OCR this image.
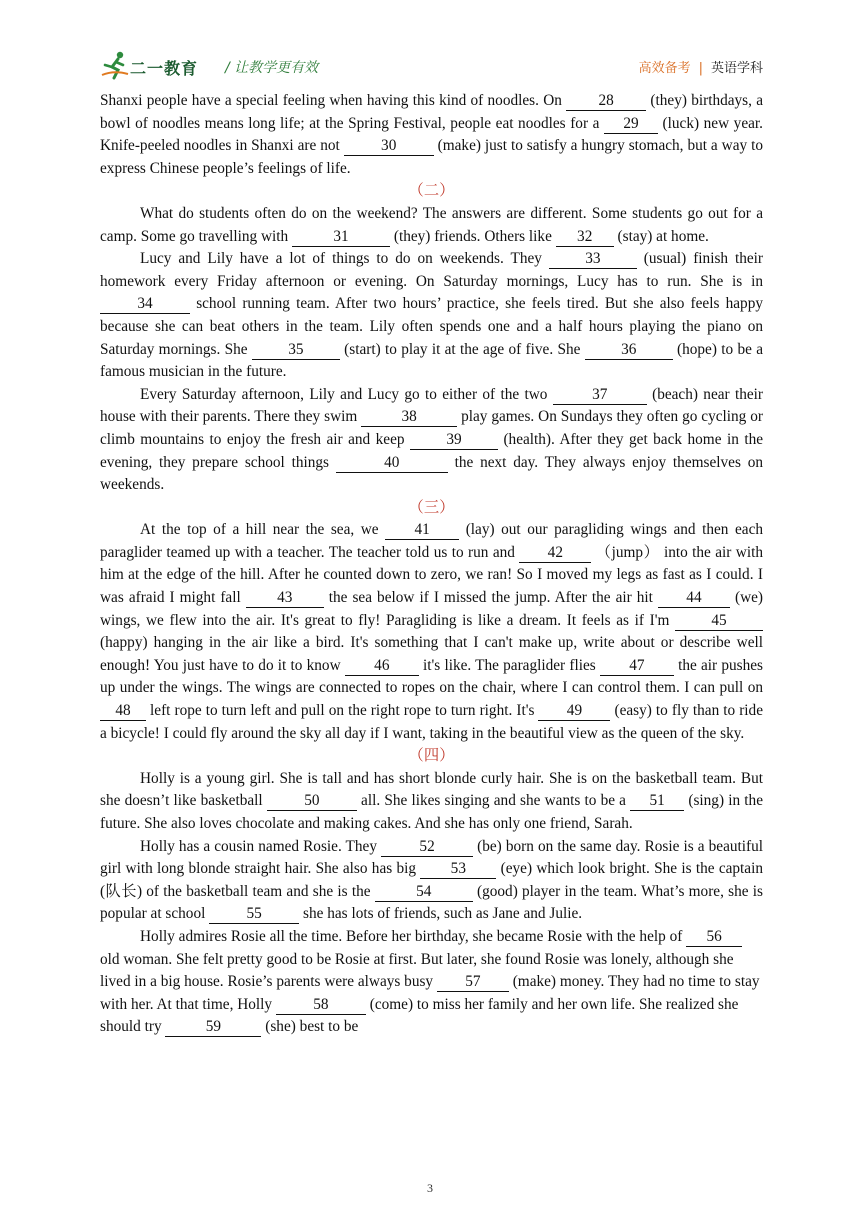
二一教育 / 让教学更有效	高效备考 | 英语学科

Shanxi people have a special feeling when having this kind of noodles. On 28 (they) birthdays, a bowl of noodles means long life; at the Spring Festival, people eat noodles for a 29 (luck) new year. Knife-peeled noodles in Shanxi are not 30 (make) just to satisfy a hungry stomach, but a way to express Chinese people’s feelings of life.

（二）

What do students often do on the weekend? The answers are different. Some students go out for a camp. Some go travelling with	31	(they) friends. Others like 32 (stay) at home.

Lucy and Lily have a lot of things to do on weekends. They 33 (usual) finish their homework every Friday afternoon or evening. On Saturday mornings, Lucy has to run. She is in 34 school running team. After two hours’ practice, she feels tired. But she also feels happy because she can beat others in the team. Lily often spends one and a half hours playing the piano on Saturday mornings. She 35 (start) to play it at the age of five. She 36 (hope) to be a famous musician in the future.

Every Saturday afternoon, Lily and Lucy go to either of the two	37	(beach) near their house with their parents. There they swim	38	play games. On Sundays they often go cycling or climb mountains to enjoy the fresh air and keep 39 (health). After they get back home in the evening, they prepare school things	40	the next day. They always enjoy themselves on weekends.

（三）

At the top of a hill near the sea, we 41 (lay) out our paragliding wings and then each paraglider teamed up with a teacher. The teacher told us to run and 42 （jump） into the air with him at the edge of the hill. After he counted down to zero, we ran! So I moved my legs as fast as I could. I was afraid I might fall 43 the sea below if I missed the jump. After the air hit 44 (we) wings, we flew into the air. It's great to fly! Paragliding is like a dream. It feels as if I'm 45 (happy) hanging in the air like a bird. It's something that I can't make up, write about or describe well enough! You just have to do it to know 46 it's like. The paraglider flies 47 the air pushes up under the wings. The wings are connected to ropes on the chair, where I can control them. I can pull on 48 left rope to turn left and pull on the right rope to turn right. It's 49 (easy) to fly than to ride a bicycle! I could fly around the sky all day if I want, taking in the beautiful view as the queen of the sky.

（四）

Holly is a young girl. She is tall and has short blonde curly hair. She is on the basketball team. But she doesn’t like basketball 50 all. She likes singing and she wants to be a 51 (sing) in the future. She also loves chocolate and making cakes. And she has only one friend, Sarah.

Holly has a cousin named Rosie. They	52	(be) born on the same day. Rosie is a beautiful girl with long blonde straight hair. She also has big 53 (eye) which look bright. She is the captain (队长) of the basketball team and she is the	54	(good) player in the team. What’s more, she is popular at school 55 she has lots of friends, such as Jane and Julie.

Holly admires Rosie all the time. Before her birthday, she became Rosie with the help of 56 old woman. She felt pretty good to be Rosie at first. But later, she found Rosie was lonely, although she lived in a big house. Rosie’s parents were always busy 57 (make) money. They had no time to stay with her. At that time, Holly 58 (come) to miss her family and her own life. She realized she should try	59	(she) best to be

3
